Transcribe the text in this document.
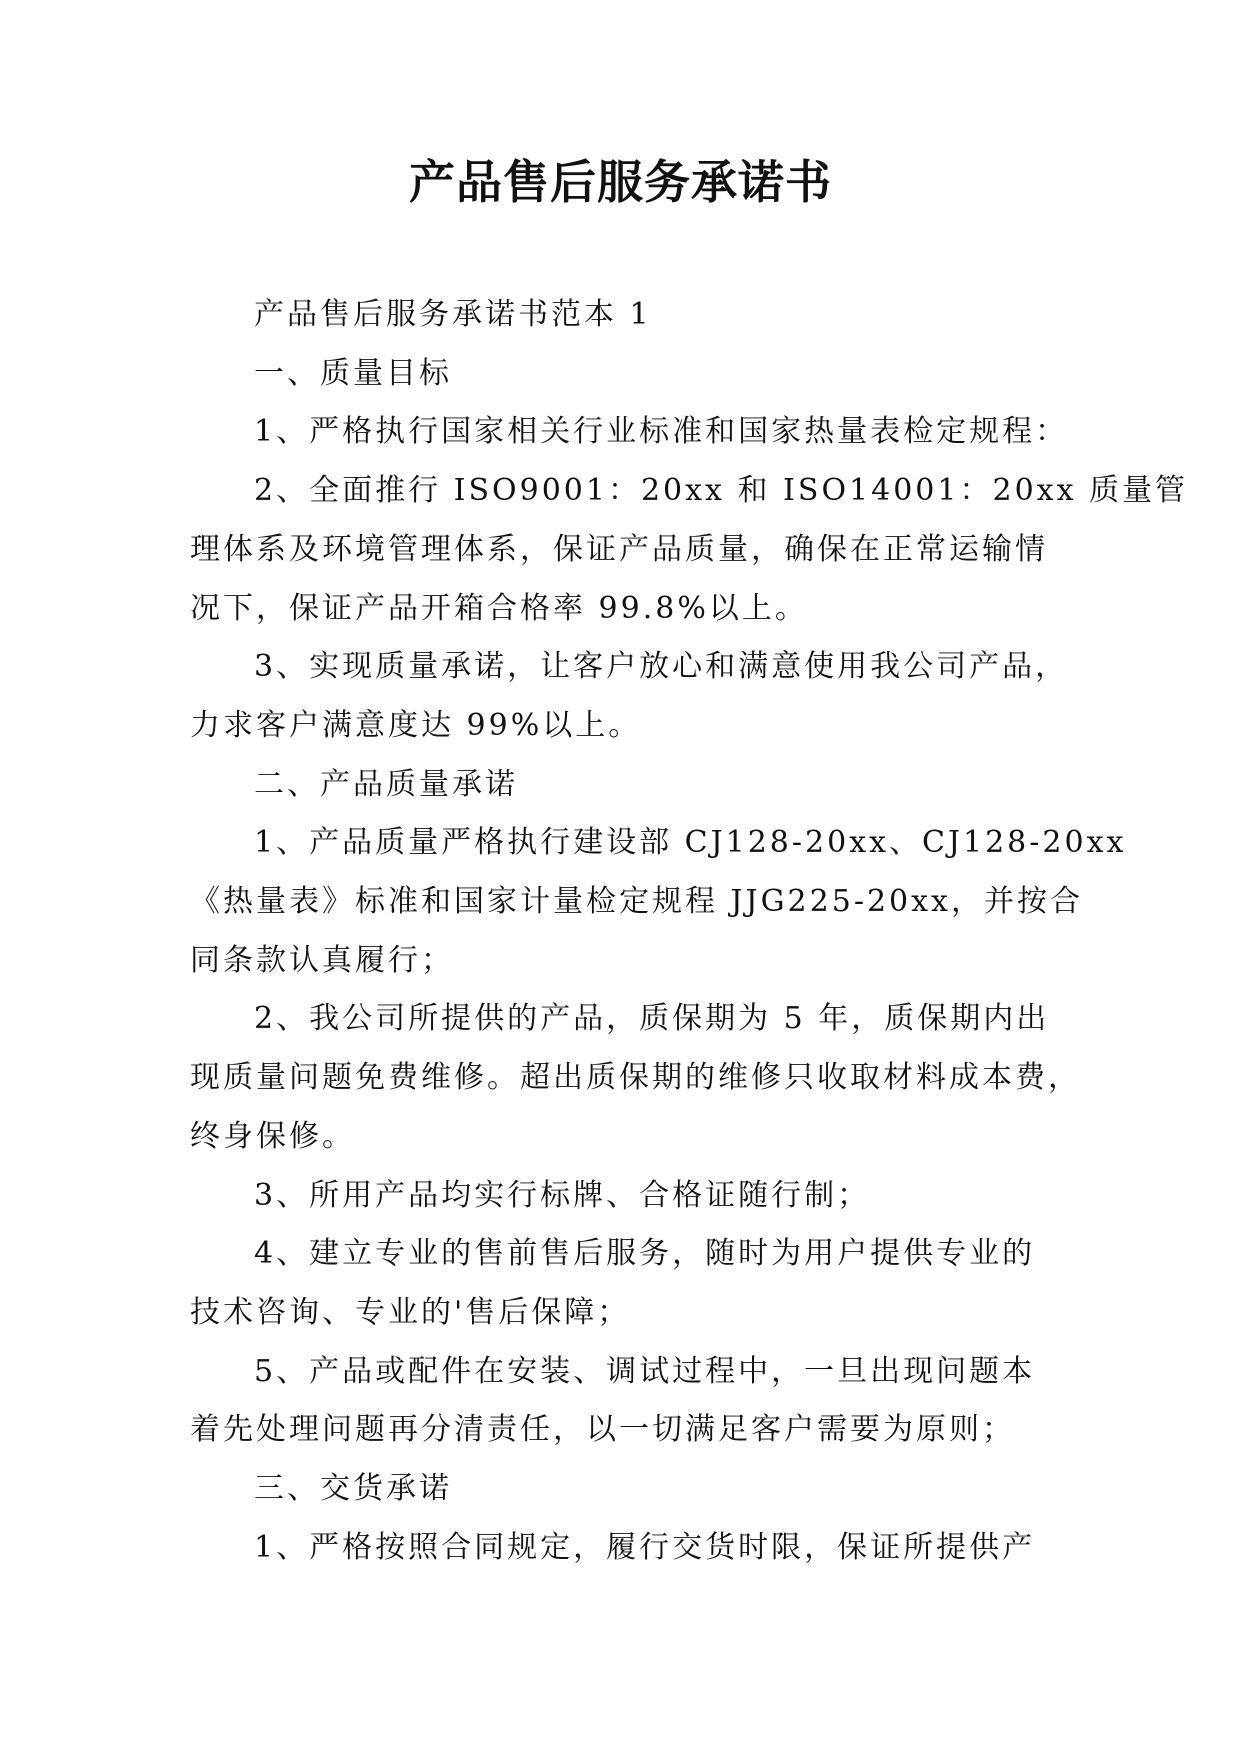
产品售后服务承诺书
产品售后服务承诺书范本 1
一、质量目标
1、严格执行国家相关行业标准和国家热量表检定规程：
2、全面推行 ISO9001：20xx 和 ISO14001：20xx 质量管
理体系及环境管理体系，保证产品质量，确保在正常运输情
况下，保证产品开箱合格率 99.8%以上。
3、实现质量承诺，让客户放心和满意使用我公司产品，
力求客户满意度达 99%以上。
二、产品质量承诺
1、产品质量严格执行建设部 CJ128-20xx、CJ128-20xx
《热量表》标准和国家计量检定规程 JJG225-20xx，并按合
同条款认真履行；
2、我公司所提供的产品，质保期为 5 年，质保期内出
现质量问题免费维修。超出质保期的维修只收取材料成本费，
终身保修。
3、所用产品均实行标牌、合格证随行制；
4、建立专业的售前售后服务，随时为用户提供专业的
技术咨询、专业的'售后保障；
5、产品或配件在安装、调试过程中，一旦出现问题本
着先处理问题再分清责任，以一切满足客户需要为原则；
三、交货承诺
1、严格按照合同规定，履行交货时限，保证所提供产
